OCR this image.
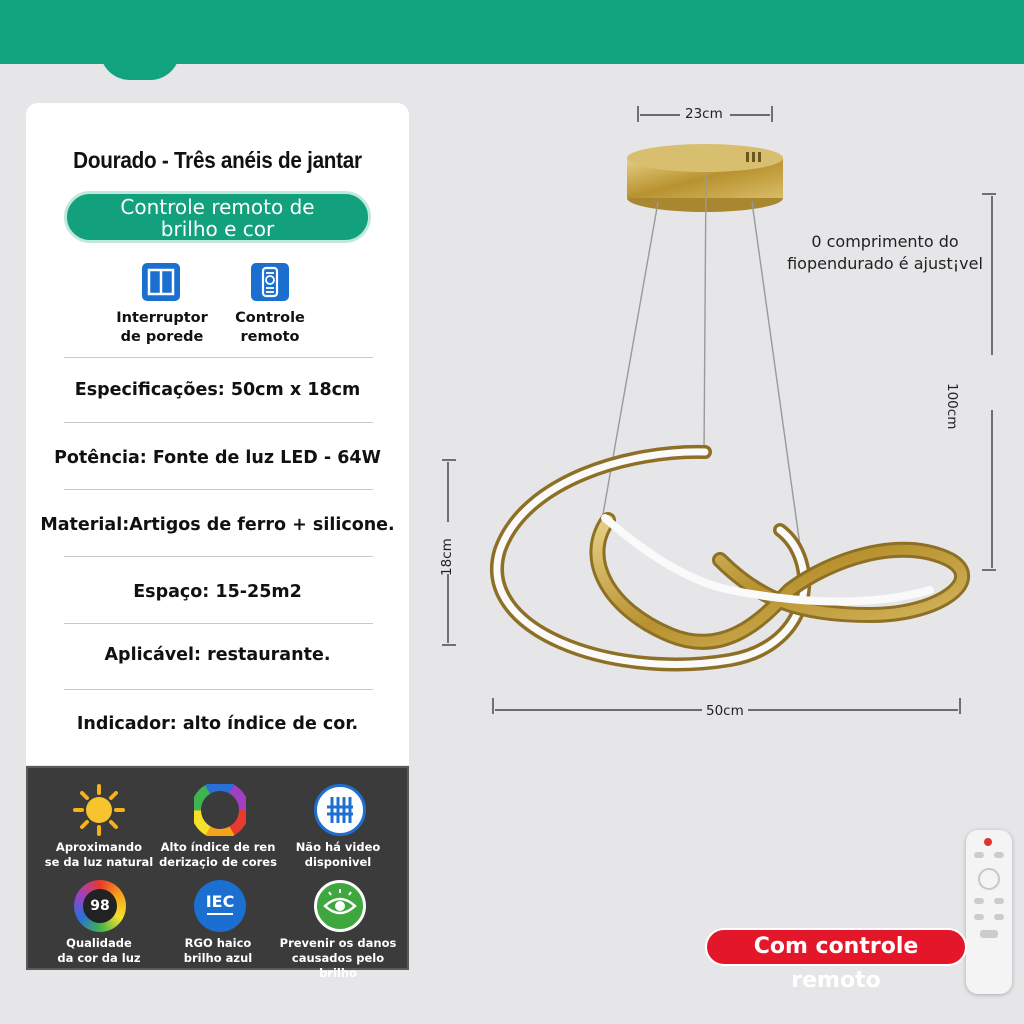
Dourado - Três anéis de jantar
Controle remoto de
brilho e cor
Interruptor
de porede
Controle
remoto
Especificações: 50cm x 18cm
Potência: Fonte de luz LED - 64W
Material:Artigos de ferro + silicone.
Espaço: 15-25m2
Aplicável: restaurante.
Indicador: alto índice de cor.
Aproximando
se da luz natural
Alto índice de ren
derizaçio de cores
Não há video
disponivel
98
Qualidade
da cor da luz
IEC
RGO haico
brilho azul
Prevenir os danos
causados pelo brilho
23cm
100cm
18cm
50cm
0 comprimento do
fiopendurado é ajust¡vel
Com controle remoto
